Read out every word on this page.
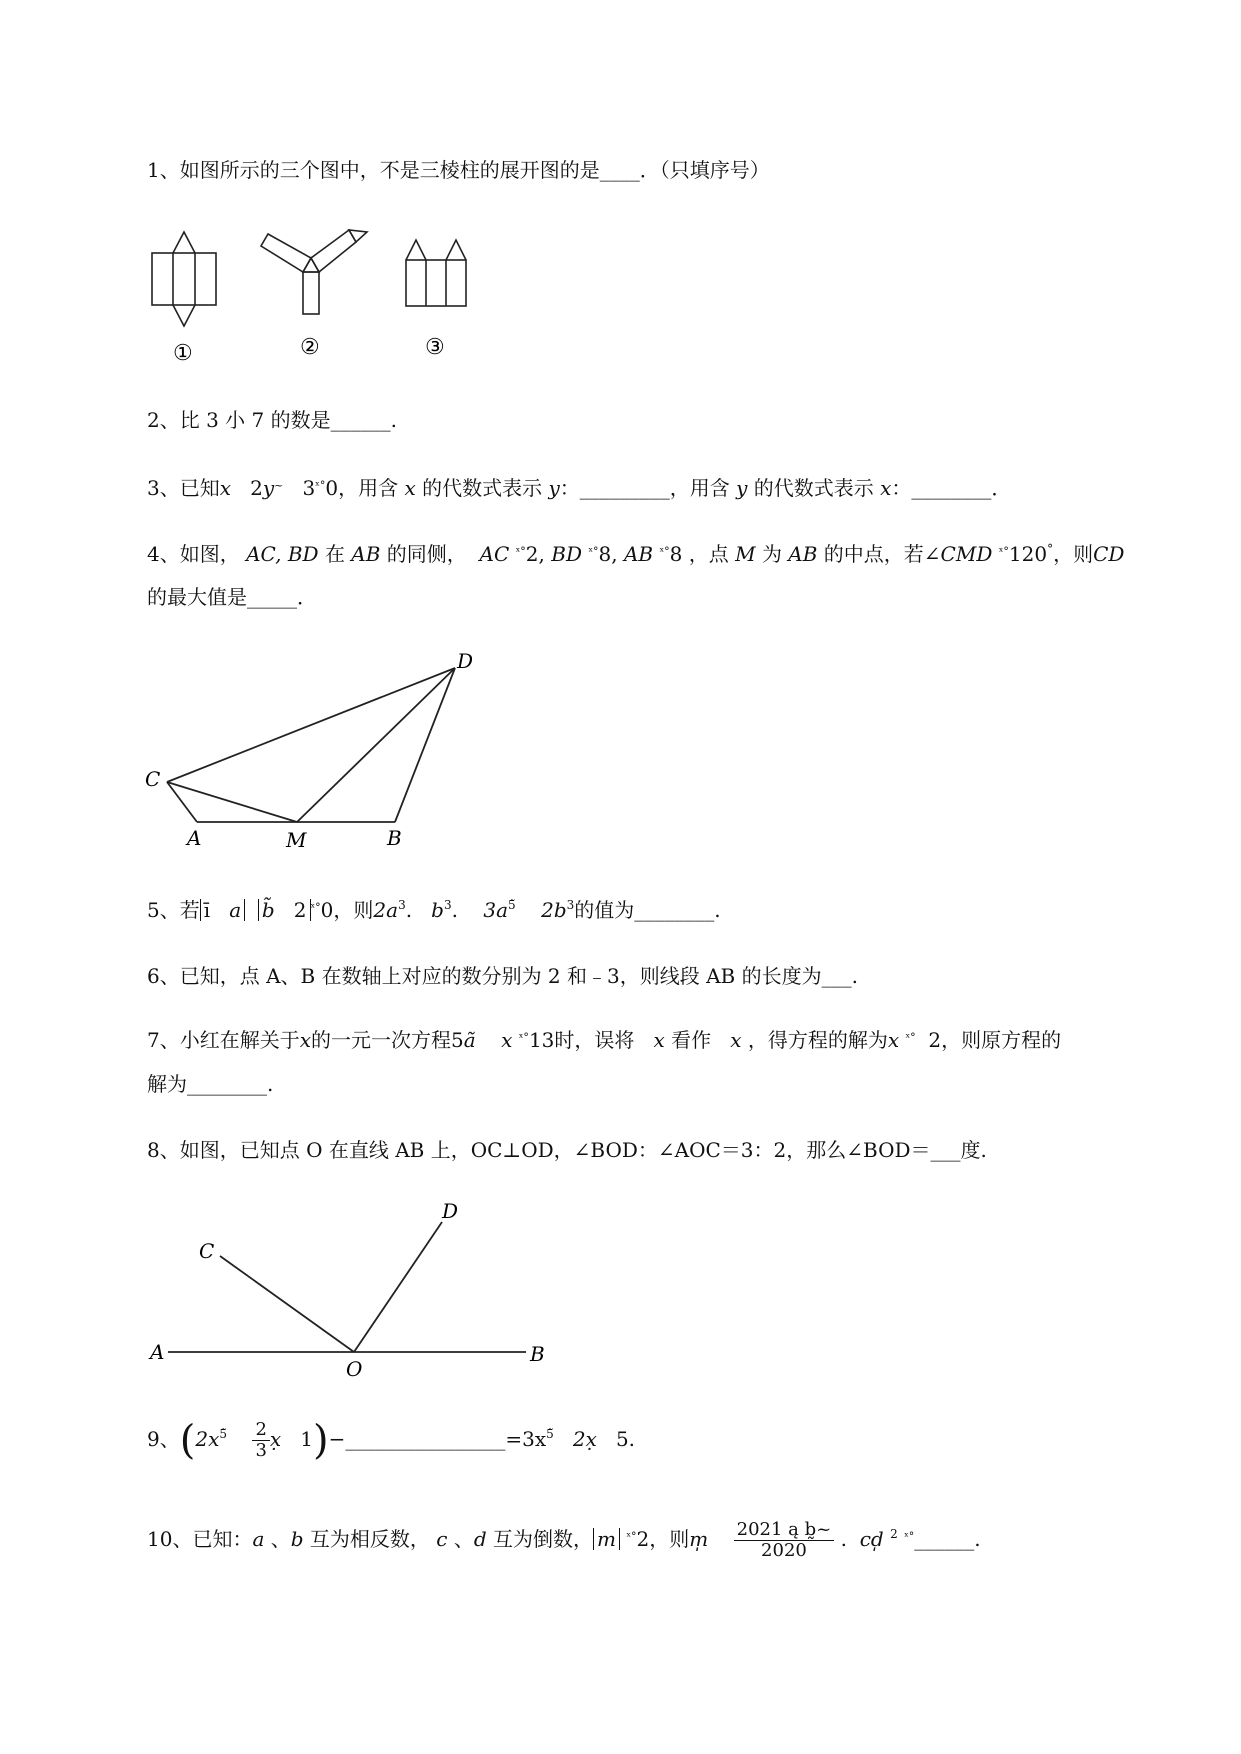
1、如图所示的三个图中，不是三棱柱的展开图的是____．（只填序号）
①	②	③
2、比 3 小 7 的数是______.
3、已知x 2y~ $3^{ˣ^\circ}0$，用含 x 的代数式表示 y：_________，用含 y 的代数式表示 x：________．
4、如图， AC, BD 在 AB 的同侧， AC $^{ˣ^\circ}$2, BD $^{ˣ^\circ}$8, AB $^{ˣ^\circ}$8 ，点 M 为 AB 的中点，若∠CMD $^{ˣ^\circ}$120°，则CD
的最大值是_____．
D
C
A	M	B
5、若 ī a b̃ 2 $^{ˣ^\circ}$0，则$2a^3$. $b^3$. $3a^{5̃}$ $2b^3$的值为________.
6、已知，点 A、B 在数轴上对应的数分别为 2 和﹣3，则线段 AB 的长度为___.
7、小红在解关于x的一元一次方程5ã x $^{ˣ^\circ}$13时，误将 x 看作 x ，得方程的解为x $^{ˣ^\circ}$ 2，则原方程的
解为________.
8、如图，已知点 O 在直线 AB 上，OC⊥OD，∠BOD：∠AOC＝3：2，那么∠BOD＝___度.
A	B
C
D
O
9、($2x^{5̃} \frac{2}{3}$ x̣ $1)-\_\_\_\_\_\_\_\_\_\_\_\_\_\_\_\_=3x^{5̃}$ 2x̣ 5.
10、已知：a 、b 互为相反数， c 、d 互为倒数， m $^{ˣ^\circ}$2，则m̩ $\frac{\text{2021 ą b̰\textasciitilde{}}}{2020}$ . cd̩ $^2$ $^{ˣ^\circ}$______.
